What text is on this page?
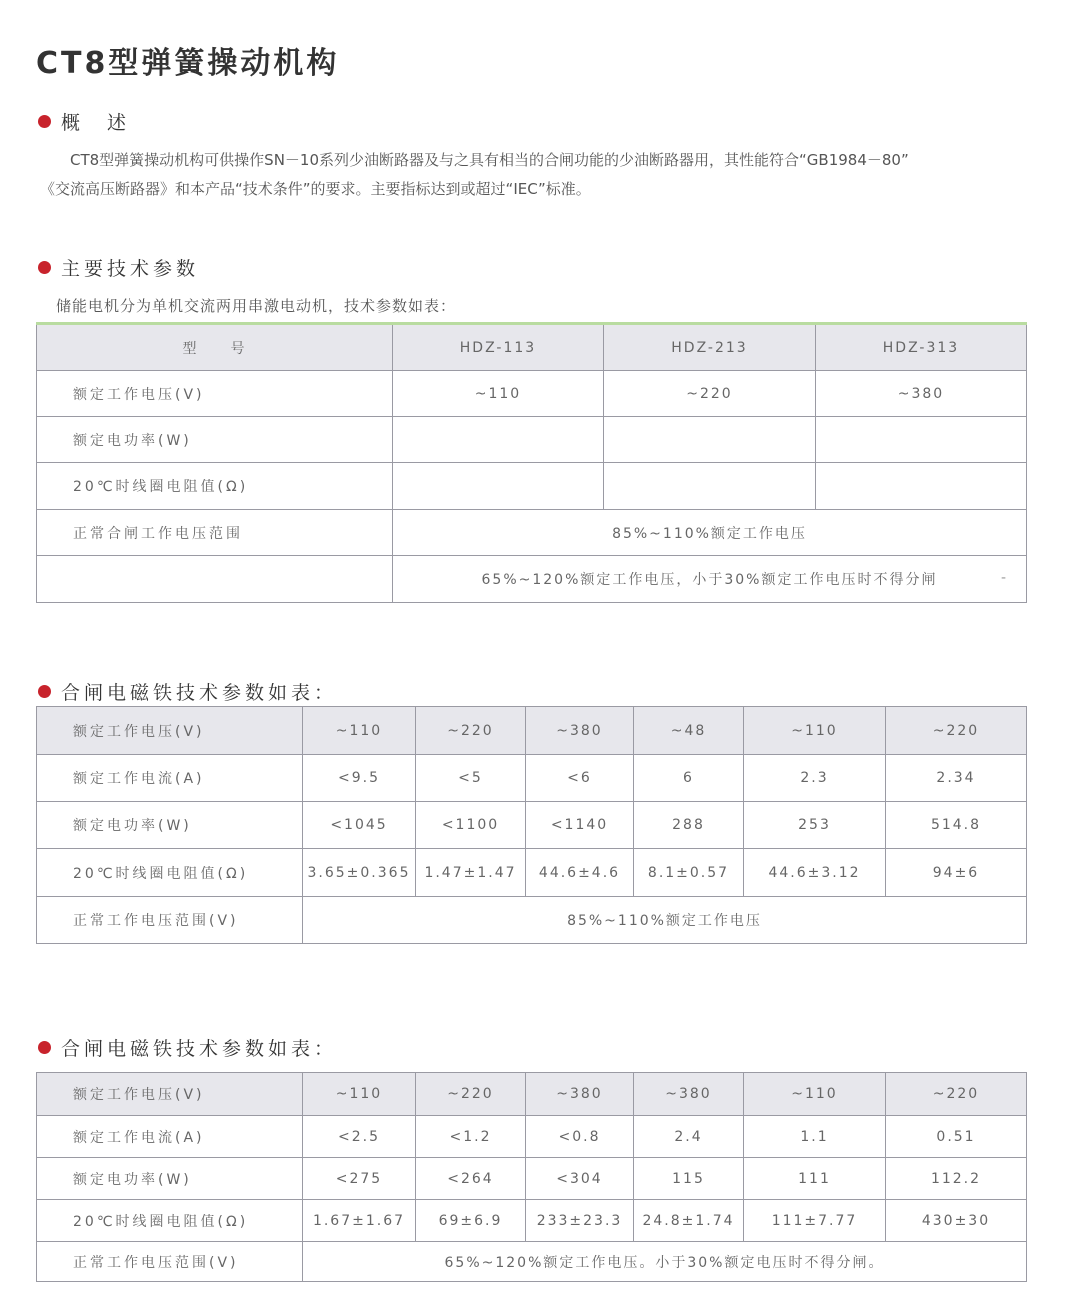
CT8型弹簧操动机构
概　述

CT8型弹簧操动机构可供操作SN－10系列少油断路器及与之具有相当的合闸功能的少油断路器用，其性能符合“GB1984－80”

《交流高压断路器》和本产品“技术条件”的要求。主要指标达到或超过“IEC”标准。

主要技术参数
储能电机分为单机交流两用串激电动机，技术参数如表：
型　　号	HDZ-113	HDZ-213	HDZ-313
额定工作电压(V)	~110	~220	~380
额定电功率(W)			
20℃时线圈电阻值(Ω)			
正常合闸工作电压范围	85%~110%额定工作电压		
	65%~120%额定工作电压，小于30%额定工作电压时不得分闸 -		
合闸电磁铁技术参数如表：
额定工作电压(V)	~110	~220	~380	~48	~110	~220
额定工作电流(A)	<9.5	<5	<6	6	2.3	2.34
额定电功率(W)	<1045	<1100	<1140	288	253	514.8
20℃时线圈电阻值(Ω)	3.65±0.365	1.47±1.47	44.6±4.6	8.1±0.57	44.6±3.12	94±6
正常工作电压范围(V)	85%~110%额定工作电压					
合闸电磁铁技术参数如表：
额定工作电压(V)	~110	~220	~380	~380	~110	~220
额定工作电流(A)	<2.5	<1.2	<0.8	2.4	1.1	0.51
额定电功率(W)	<275	<264	<304	115	111	112.2
20℃时线圈电阻值(Ω)	1.67±1.67	69±6.9	233±23.3	24.8±1.74	111±7.77	430±30
正常工作电压范围(V)	65%~120%额定工作电压。小于30%额定电压时不得分闸。					
